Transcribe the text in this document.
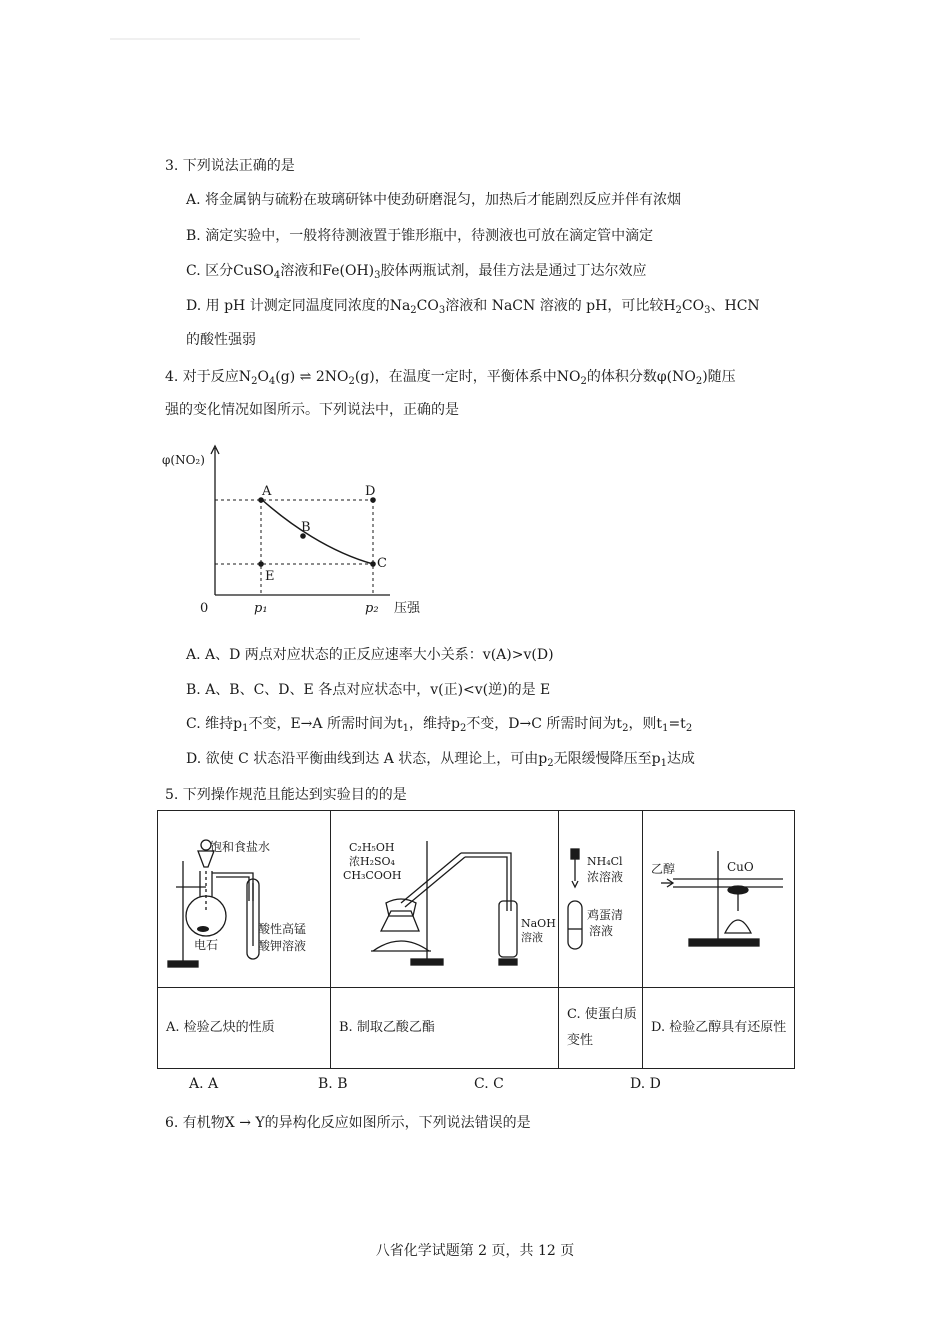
3. 下列说法正确的是
A. 将金属钠与硫粉在玻璃研钵中使劲研磨混匀，加热后才能剧烈反应并伴有浓烟
B. 滴定实验中，一般将待测液置于锥形瓶中，待测液也可放在滴定管中滴定
C. 区分CuSO$_4$溶液和$Fe(OH)_3$胶体两瓶试剂，最佳方法是通过丁达尔效应
D. 用 pH 计测定同温度同浓度的$Na_2CO_3$溶液和 NaCN 溶液的 pH，可比较$H_2CO_3$、HCN
的酸性强弱
4. 对于反应$N_2O_4(g)$ ⇌ $2NO_2(g)$，在温度一定时，平衡体系中$NO_2$的体积分数$\varphi(NO_2)$随压
强的变化情况如图所示。下列说法中，正确的是
φ(NO₂)
0	p₁	p₂ 压强
A	D
B
C
E
A. A、D 两点对应状态的正反应速率大小关系：v(A)>v(D)
B. A、B、C、D、E 各点对应状态中，v(正)<v(逆)的是 E
C. 维持$p_1$不变，E→A 所需时间为$t_1$，维持$p_2$不变，D→C 所需时间为$t_2$，则$t_1=t_2$
D. 欲使 C 状态沿平衡曲线到达 A 状态，从理论上，可由$p_2$无限缓慢降压至$p_1$达成
5. 下列操作规范且能达到实验目的的是
饱和食盐水
酸性高锰
酸钾溶液
电石	C₂H₅OH
浓H₂SO₄
CH₃COOH
NaOH
溶液	NH₄Cl
浓溶液
鸡蛋清
溶液	乙醇 CuO

A. 检验乙炔的性质	B. 制取乙酸乙酯	C. 使蛋白质变性	D. 检验乙醇具有还原性
A. A	B. B	C. C	D. D
6. 有机物X → Y的异构化反应如图所示，下列说法错误的是
八省化学试题第 2 页，共 12 页
